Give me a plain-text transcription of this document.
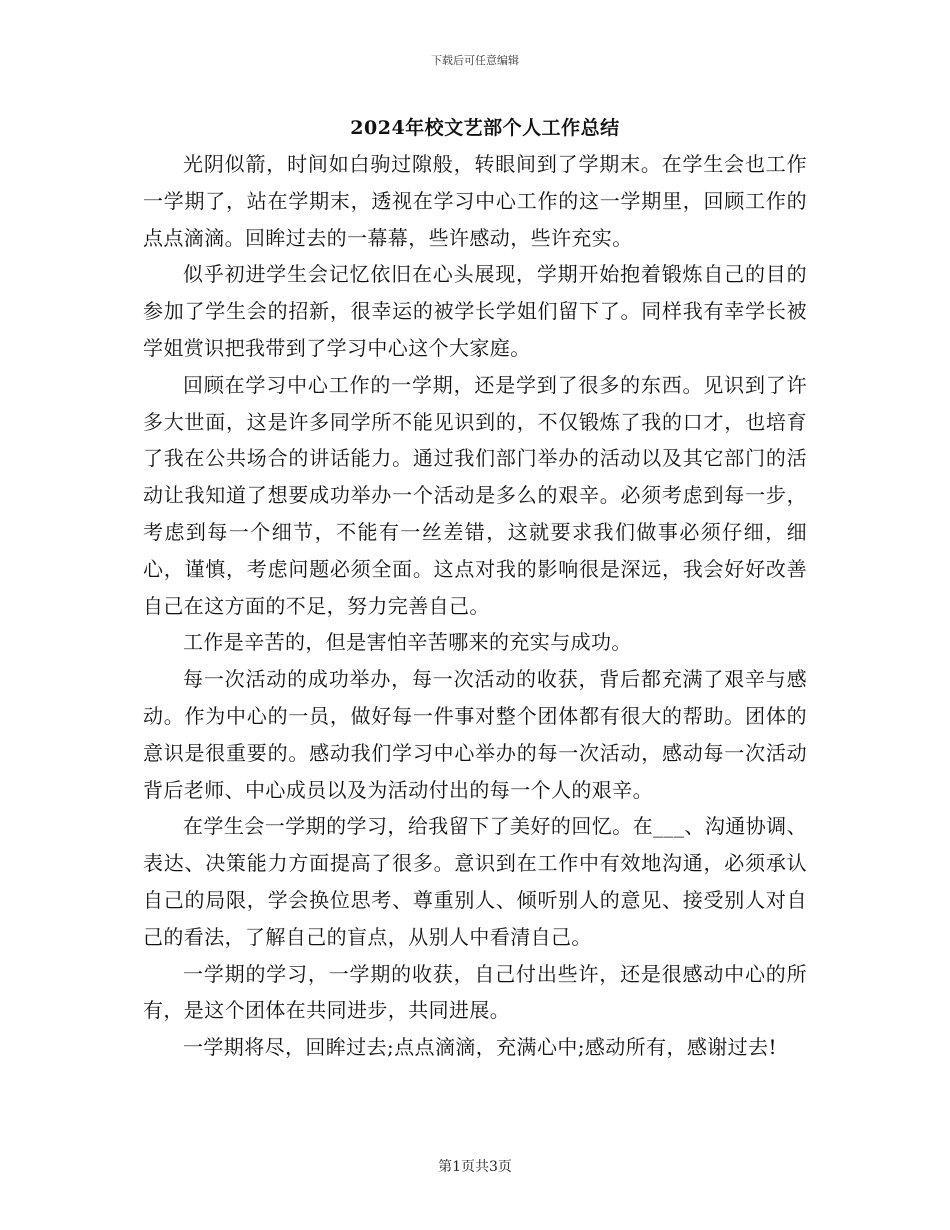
下载后可任意编辑
2024年校文艺部个人工作总结

光阴似箭，时间如白驹过隙般，转眼间到了学期末。在学生会也工作一学期了，站在学期末，透视在学习中心工作的这一学期里，回顾工作的点点滴滴。回眸过去的一幕幕，些许感动，些许充实。

似乎初进学生会记忆依旧在心头展现，学期开始抱着锻炼自己的目的参加了学生会的招新，很幸运的被学长学姐们留下了。同样我有幸学长被学姐赏识把我带到了学习中心这个大家庭。

回顾在学习中心工作的一学期，还是学到了很多的东西。见识到了许多大世面，这是许多同学所不能见识到的，不仅锻炼了我的口才，也培育了我在公共场合的讲话能力。通过我们部门举办的活动以及其它部门的活动让我知道了想要成功举办一个活动是多么的艰辛。必须考虑到每一步，考虑到每一个细节，不能有一丝差错，这就要求我们做事必须仔细，细心，谨慎，考虑问题必须全面。这点对我的影响很是深远，我会好好改善自己在这方面的不足，努力完善自己。

工作是辛苦的，但是害怕辛苦哪来的充实与成功。

每一次活动的成功举办，每一次活动的收获，背后都充满了艰辛与感动。作为中心的一员，做好每一件事对整个团体都有很大的帮助。团体的意识是很重要的。感动我们学习中心举办的每一次活动，感动每一次活动背后老师、中心成员以及为活动付出的每一个人的艰辛。

在学生会一学期的学习，给我留下了美好的回忆。在___、沟通协调、表达、决策能力方面提高了很多。意识到在工作中有效地沟通，必须承认自己的局限，学会换位思考、尊重别人、倾听别人的意见、接受别人对自己的看法，了解自己的盲点，从别人中看清自己。

一学期的学习，一学期的收获，自己付出些许，还是很感动中心的所有，是这个团体在共同进步，共同进展。

一学期将尽，回眸过去;点点滴滴，充满心中;感动所有，感谢过去!

第1页共3页
